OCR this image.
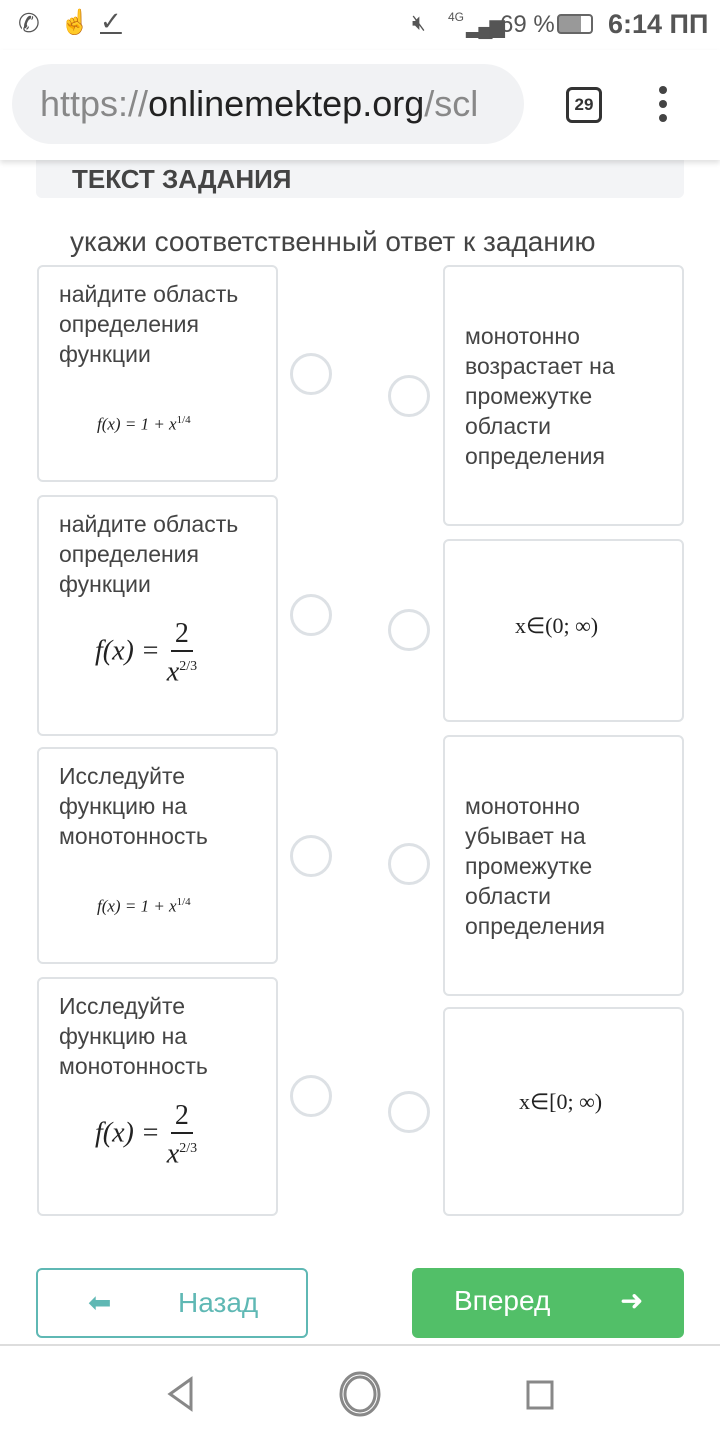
✆ ☝ ✓	🔇︎ 4G ▂▄▆
69 % 6:14 ПП
https://onlinemektep.org/scl	29
ТЕКСТ ЗАДАНИЯ
укажи соответственный ответ к заданию
найдите область определения функции
$f(x) = 1 + x^{1/4}$
найдите область определения функции
$f(x) = \frac{2}{x^{2/3}}$
Исследуйте функцию на монотонность
$f(x) = 1 + x^{1/4}$
Исследуйте функцию на монотонность
$f(x) = \frac{2}{x^{2/3}}$
монотонно возрастает на промежутке области определения
x∈(0; ∞)
монотонно убывает на промежутке области определения
x∈[0; ∞)
Назад
⬅	Вперед ➜
